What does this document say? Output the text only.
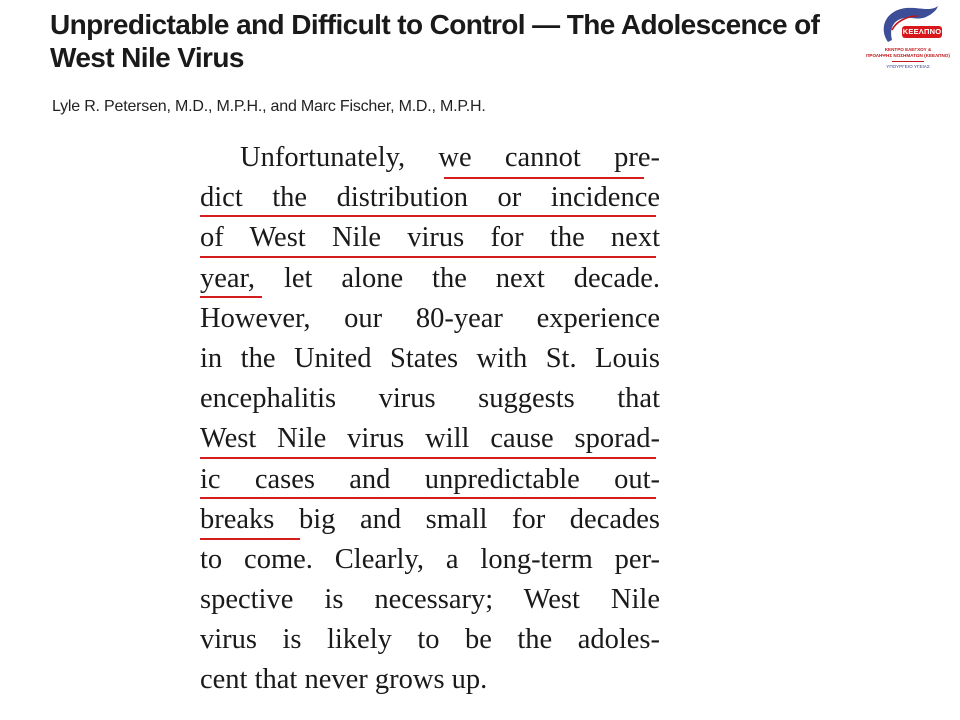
Unpredictable and Difficult to Control — The Adolescence of West Nile Virus

Lyle R. Petersen, M.D., M.P.H., and Marc Fischer, M.D., M.P.H.

ΚΕΕΛΠΝΟ
ΚΕΝΤΡΟ ΕΛΕΓΧΟΥ &
ΠΡΟΛΗΨΗΣ ΝΟΣΗΜΑΤΩΝ (ΚΕΕΛΠΝΟ)
ΥΠΟΥΡΓΕΙΟ ΥΓΕΙΑΣ
Unfortunately, we cannot pre-
dict the distribution or incidence
of West Nile virus for the next
year, let alone the next decade.
However, our 80-year experience
in the United States with St. Louis
encephalitis virus suggests that
West Nile virus will cause sporad-
ic cases and unpredictable out-
breaks big and small for decades
to come. Clearly, a long-term per-
spective is necessary; West Nile
virus is likely to be the adoles-
cent that never grows up.
